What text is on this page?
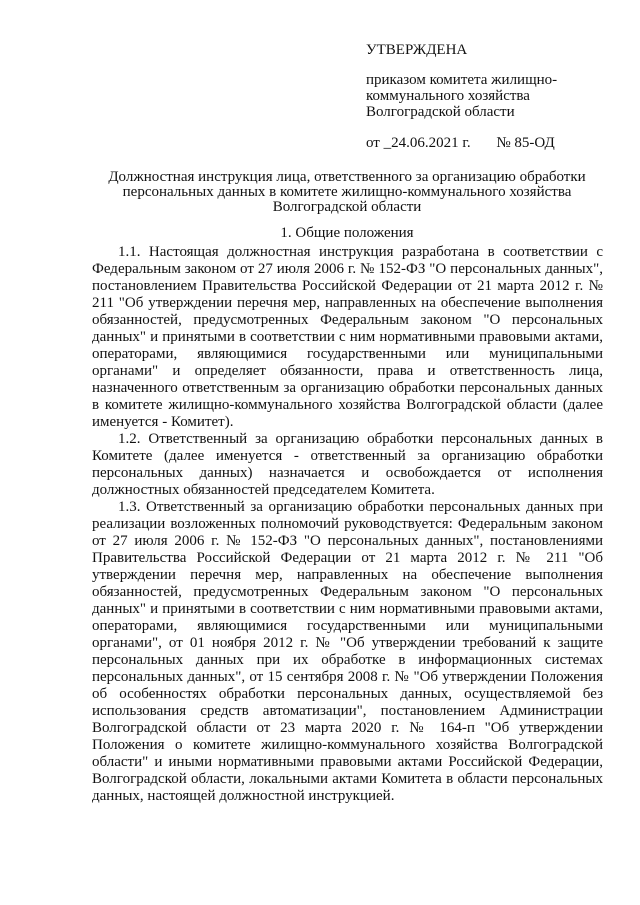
УТВЕРЖДЕНА
приказом комитета жилищно-коммунального хозяйства Волгоградской области
от _24.06.2021 г. № 85-ОД
Должностная инструкция лица, ответственного за организацию обработки персональных данных в комитете жилищно-коммунального хозяйства Волгоградской области
1. Общие положения

1.1. Настоящая должностная инструкция разработана в соответствии с Федеральным законом от 27 июля 2006 г. № 152-ФЗ "О персональных данных", постановлением Правительства Российской Федерации от 21 марта 2012 г. № 211 "Об утверждении перечня мер, направленных на обеспечение выполнения обязанностей, предусмотренных Федеральным законом "О персональных данных" и принятыми в соответствии с ним нормативными правовыми актами, операторами, являющимися государственными или муниципальными органами" и определяет обязанности, права и ответственность лица, назначенного ответственным за организацию обработки персональных данных в комитете жилищно-коммунального хозяйства Волгоградской области (далее именуется - Комитет).

1.2. Ответственный за организацию обработки персональных данных в Комитете (далее именуется - ответственный за организацию обработки персональных данных) назначается и освобождается от исполнения должностных обязанностей председателем Комитета.

1.3. Ответственный за организацию обработки персональных данных при реализации возложенных полномочий руководствуется: Федеральным законом от 27 июля 2006 г. № 152-ФЗ "О персональных данных", постановлениями Правительства Российской Федерации от 21 марта 2012 г. № 211 "Об утверждении перечня мер, направленных на обеспечение выполнения обязанностей, предусмотренных Федеральным законом "О персональных данных" и принятыми в соответствии с ним нормативными правовыми актами, операторами, являющимися государственными или муниципальными органами", от 01 ноября 2012 г. № "Об утверждении требований к защите персональных данных при их обработке в информационных системах персональных данных", от 15 сентября 2008 г. № "Об утверждении Положения об особенностях обработки персональных данных, осуществляемой без использования средств автоматизации", постановлением Администрации Волгоградской области от 23 марта 2020 г. № 164-п "Об утверждении Положения о комитете жилищно-коммунального хозяйства Волгоградской области" и иными нормативными правовыми актами Российской Федерации, Волгоградской области, локальными актами Комитета в области персональных данных, настоящей должностной инструкцией.
